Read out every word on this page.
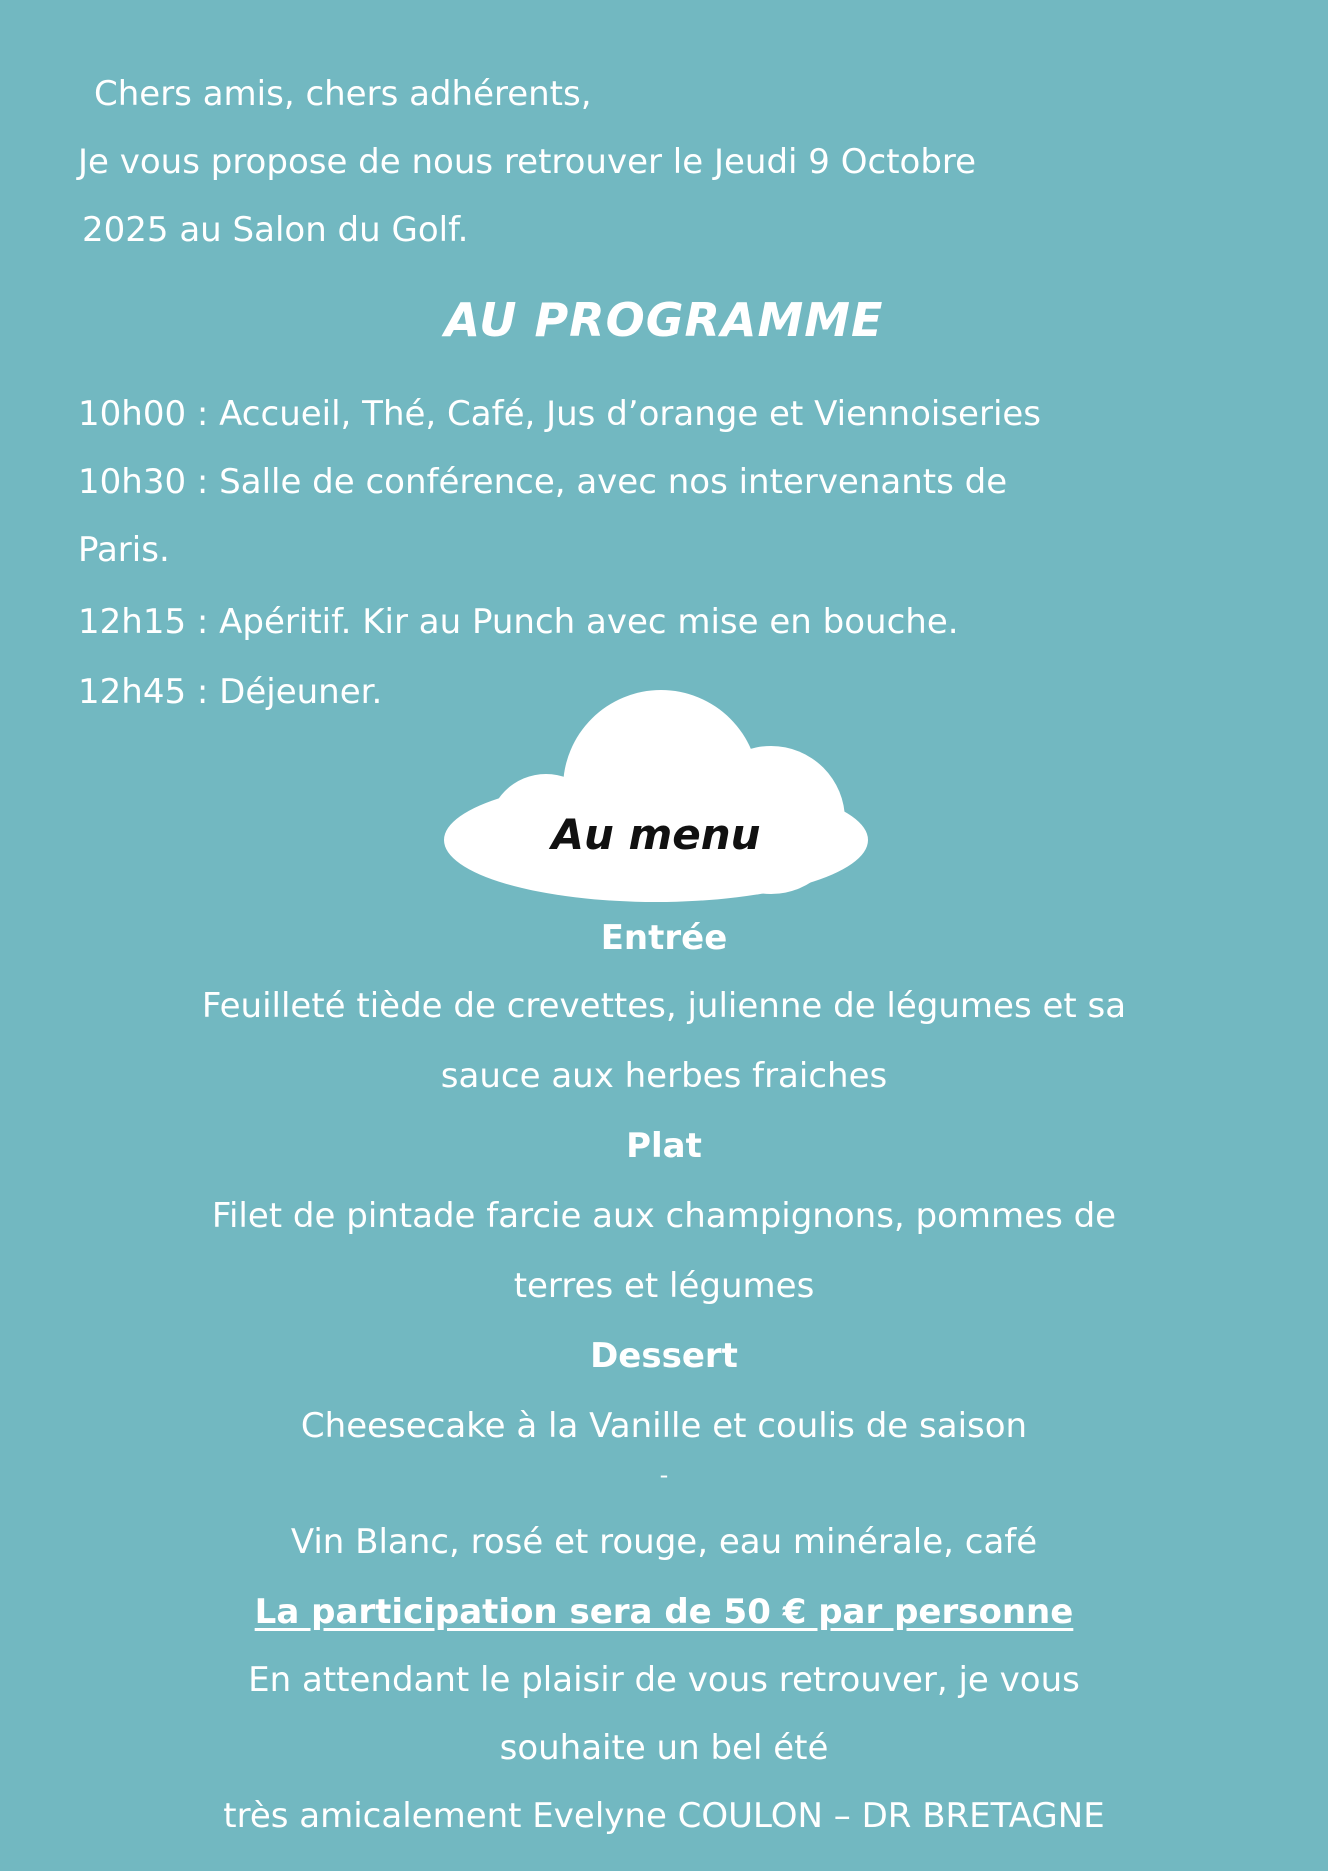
Chers amis, chers adhérents,
Je vous propose de nous retrouver le Jeudi 9 Octobre
2025 au Salon du Golf.
AU PROGRAMME
10h00 : Accueil, Thé, Café, Jus d’orange et Viennoiseries
10h30 : Salle de conférence, avec nos intervenants de
Paris.
12h15 : Apéritif. Kir au Punch avec mise en bouche.
12h45 : Déjeuner.
Au menu
Entrée
Feuilleté tiède de crevettes, julienne de légumes et sa
sauce aux herbes fraiches
Plat
Filet de pintade farcie aux champignons, pommes de
terres et légumes
Dessert
Cheesecake à la Vanille et coulis de saison
-
Vin Blanc, rosé et rouge, eau minérale, café
La participation sera de 50 € par personne
En attendant le plaisir de vous retrouver, je vous
souhaite un bel été
très amicalement Evelyne COULON – DR BRETAGNE
